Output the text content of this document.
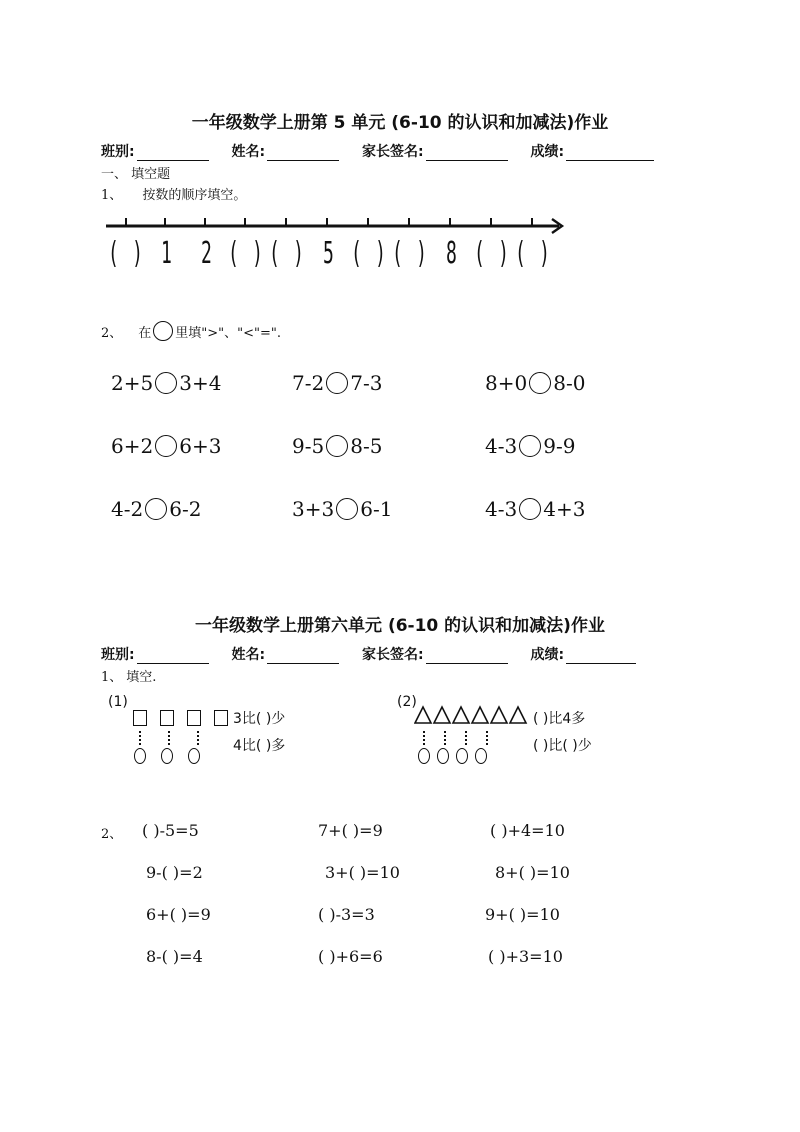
一年级数学上册第 5 单元 (6-10 的认识和加减法)作业
班别:	姓名:	家长签名:	成绩:
一、 填空题
1、 按数的顺序填空。
( ) 1 2 ( ) ( ) 5 ( ) ( ) 8 ( ) ( )
2、 在 里填">"、"<"=".
2+5 3+4	7-2 7-3	8+0 8-0
6+2 6+3	9-5 8-5	4-3 9-9
4-2 6-2	3+3 6-1	4-3 4+3
一年级数学上册第六单元 (6-10 的认识和加减法)作业
班别:	姓名:	家长签名:	成绩:
1、 填空.
(1)
3比( )少
4比( )多
(2)
( )比4多
( )比( )少
2、 ( )-5=5	7+( )=9	( )+4=10
9-( )=2	3+( )=10	8+( )=10
6+( )=9	( )-3=3	9+( )=10
8-( )=4	( )+6=6	( )+3=10
